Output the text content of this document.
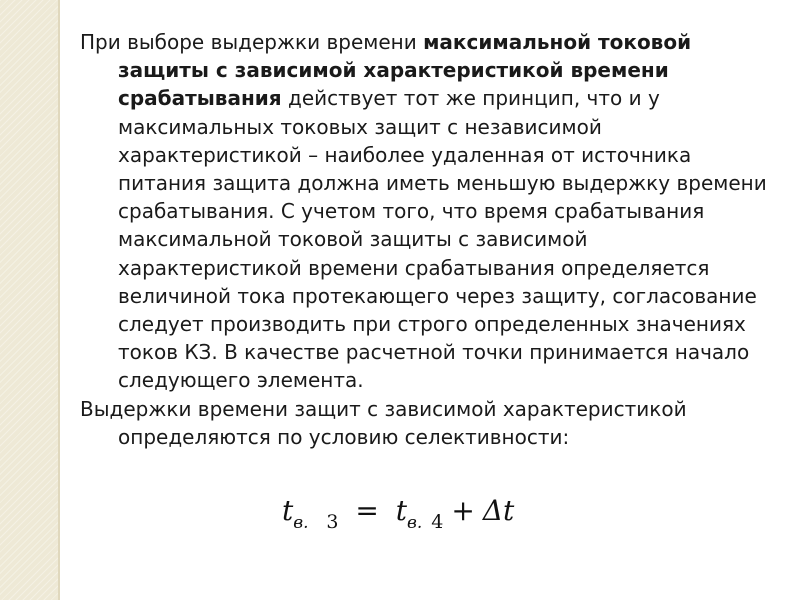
При выборе выдержки времени максимальной токовой защиты с зависимой характеристикой времени срабатывания действует тот же принцип, что и у максимальных токовых защит с независимой характеристикой – наиболее удаленная от источника питания защита должна иметь меньшую выдержку времени срабатывания. С учетом того, что время срабатывания максимальной токовой защиты с зависимой характеристикой времени срабатывания определяется величиной тока протекающего через защиту, согласование следует производить при строго определенных значениях токов КЗ. В качестве расчетной точки принимается начало следующего элемента.

Выдержки времени защит с зависимой характеристикой определяются по условию селективности:

$t_{в.}$ $_3 = t_{в.}$ $_4$ + Δt
